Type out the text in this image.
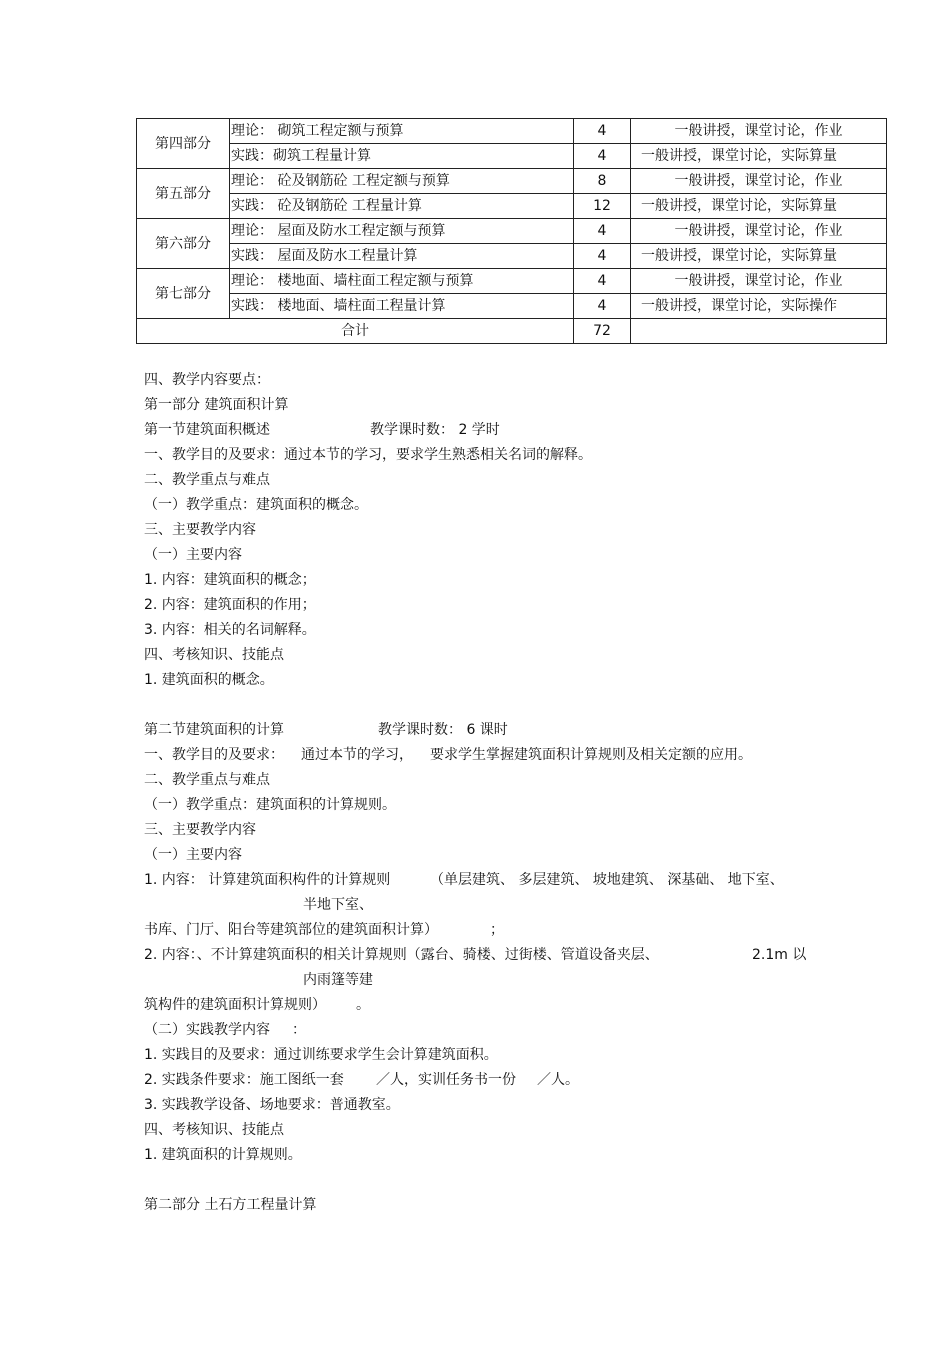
第四部分	理论： 砌筑工程定额与预算	4	一般讲授，课堂讨论，作业
	实践：砌筑工程量计算	4	一般讲授，课堂讨论，实际算量
第五部分	理论： 砼及钢筋砼 工程定额与预算	8	一般讲授，课堂讨论，作业
	实践： 砼及钢筋砼 工程量计算	12	一般讲授，课堂讨论，实际算量
第六部分	理论： 屋面及防水工程定额与预算	4	一般讲授，课堂讨论，作业
	实践： 屋面及防水工程量计算	4	一般讲授，课堂讨论，实际算量
第七部分	理论： 楼地面、墙柱面工程定额与预算	4	一般讲授，课堂讨论，作业
	实践： 楼地面、墙柱面工程量计算	4	一般讲授，课堂讨论，实际操作
合计		72	
四、教学内容要点：
第一部分 建筑面积计算
第一节建筑面积概述	教学课时数： 2 学时
一、教学目的及要求：通过本节的学习，要求学生熟悉相关名词的解释。
二、教学重点与难点
（一）教学重点：建筑面积的概念。
三、主要教学内容
（一）主要内容
1. 内容：建筑面积的概念；
2. 内容：建筑面积的作用；
3. 内容：相关的名词解释。
四、考核知识、技能点
1. 建筑面积的概念。
第二节建筑面积的计算	教学课时数： 6 课时
一、教学目的及要求： 通过本节的学习， 要求学生掌握建筑面积计算规则及相关定额的应用。
二、教学重点与难点
（一）教学重点：建筑面积的计算规则。
三、主要教学内容
（一）主要内容
1. 内容： 计算建筑面积构件的计算规则	（单层建筑、 多层建筑、 坡地建筑、 深基础、 地下室、
半地下室、
书库、门厅、阳台等建筑部位的建筑面积计算）	；
2. 内容：、不计算建筑面积的相关计算规则（露台、骑楼、过街楼、管道设备夹层、	2.1m 以
内雨篷等建
筑构件的建筑面积计算规则） 。
（二）实践教学内容 ：
1. 实践目的及要求：通过训练要求学生会计算建筑面积。
2. 实践条件要求：施工图纸一套 ／人，实训任务书一份 ／人。
3. 实践教学设备、场地要求：普通教室。
四、考核知识、技能点
1. 建筑面积的计算规则。
第二部分 土石方工程量计算
